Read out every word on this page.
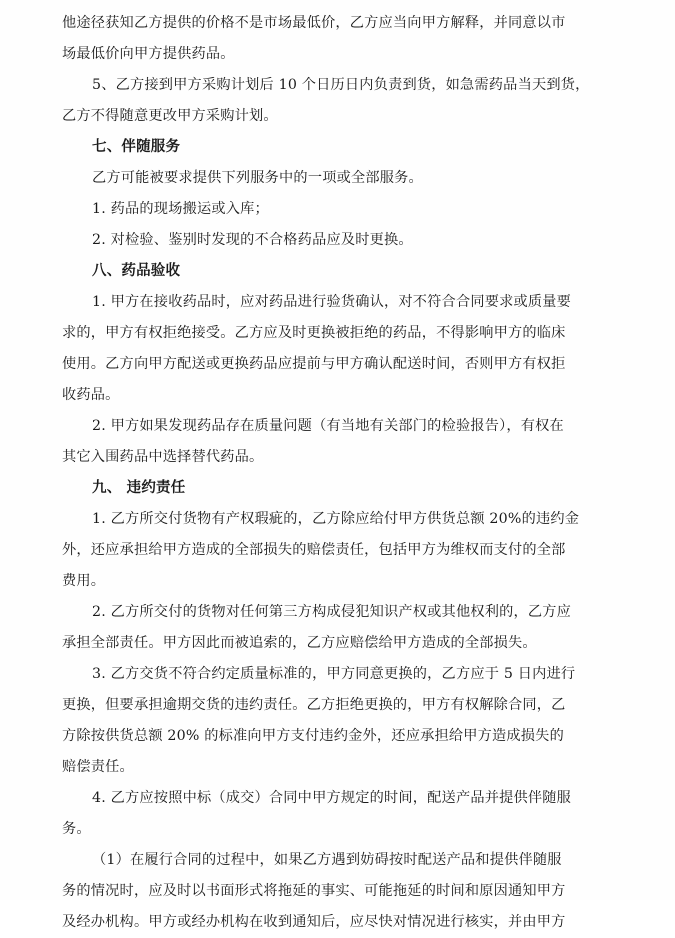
他途径获知乙方提供的价格不是市场最低价，乙方应当向甲方解释，并同意以市
场最低价向甲方提供药品。
5、乙方接到甲方采购计划后 10 个日历日内负责到货，如急需药品当天到货，
乙方不得随意更改甲方采购计划。
七、伴随服务
乙方可能被要求提供下列服务中的一项或全部服务。
1. 药品的现场搬运或入库；
2. 对检验、鉴别时发现的不合格药品应及时更换。
八、药品验收
1. 甲方在接收药品时，应对药品进行验货确认，对不符合合同要求或质量要
求的，甲方有权拒绝接受。乙方应及时更换被拒绝的药品，不得影响甲方的临床
使用。乙方向甲方配送或更换药品应提前与甲方确认配送时间，否则甲方有权拒
收药品。
2. 甲方如果发现药品存在质量问题（有当地有关部门的检验报告），有权在
其它入围药品中选择替代药品。
九、 违约责任
1. 乙方所交付货物有产权瑕疵的，乙方除应给付甲方供货总额 20%的违约金
外，还应承担给甲方造成的全部损失的赔偿责任，包括甲方为维权而支付的全部
费用。
2. 乙方所交付的货物对任何第三方构成侵犯知识产权或其他权利的，乙方应
承担全部责任。甲方因此而被追索的，乙方应赔偿给甲方造成的全部损失。
3. 乙方交货不符合约定质量标准的，甲方同意更换的，乙方应于 5 日内进行
更换，但要承担逾期交货的违约责任。乙方拒绝更换的，甲方有权解除合同，乙
方除按供货总额 20% 的标准向甲方支付违约金外，还应承担给甲方造成损失的
赔偿责任。
4. 乙方应按照中标（成交）合同中甲方规定的时间，配送产品并提供伴随服
务。
（1）在履行合同的过程中，如果乙方遇到妨碍按时配送产品和提供伴随服
务的情况时，应及时以书面形式将拖延的事实、可能拖延的时间和原因通知甲方
及经办机构。甲方或经办机构在收到通知后，应尽快对情况进行核实，并由甲方
